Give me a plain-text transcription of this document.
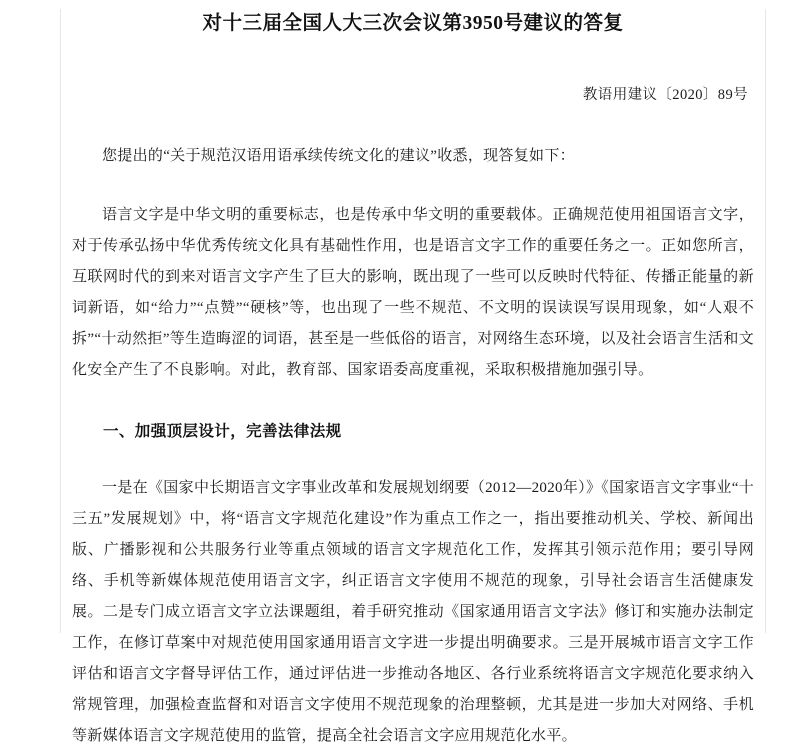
对十三届全国人大三次会议第3950号建议的答复
教语用建议〔2020〕89号

您提出的“关于规范汉语用语承续传统文化的建议”收悉，现答复如下：

语言文字是中华文明的重要标志，也是传承中华文明的重要载体。正确规范使用祖国语言文字，对于传承弘扬中华优秀传统文化具有基础性作用，也是语言文字工作的重要任务之一。正如您所言，互联网时代的到来对语言文字产生了巨大的影响，既出现了一些可以反映时代特征、传播正能量的新词新语，如“给力”“点赞”“硬核”等，也出现了一些不规范、不文明的误读误写误用现象，如“人艰不拆”“十动然拒”等生造晦涩的词语，甚至是一些低俗的语言，对网络生态环境，以及社会语言生活和文化安全产生了不良影响。对此，教育部、国家语委高度重视，采取积极措施加强引导。

一、加强顶层设计，完善法律法规

一是在《国家中长期语言文字事业改革和发展规划纲要（2012—2020年）》《国家语言文字事业“十三五”发展规划》中，将“语言文字规范化建设”作为重点工作之一，指出要推动机关、学校、新闻出版、广播影视和公共服务行业等重点领域的语言文字规范化工作，发挥其引领示范作用；要引导网络、手机等新媒体规范使用语言文字，纠正语言文字使用不规范的现象，引导社会语言生活健康发展。二是专门成立语言文字立法课题组，着手研究推动《国家通用语言文字法》修订和实施办法制定工作，在修订草案中对规范使用国家通用语言文字进一步提出明确要求。三是开展城市语言文字工作评估和语言文字督导评估工作，通过评估进一步推动各地区、各行业系统将语言文字规范化要求纳入常规管理，加强检查监督和对语言文字使用不规范现象的治理整顿，尤其是进一步加大对网络、手机等新媒体语言文字规范使用的监管，提高全社会语言文字应用规范化水平。
